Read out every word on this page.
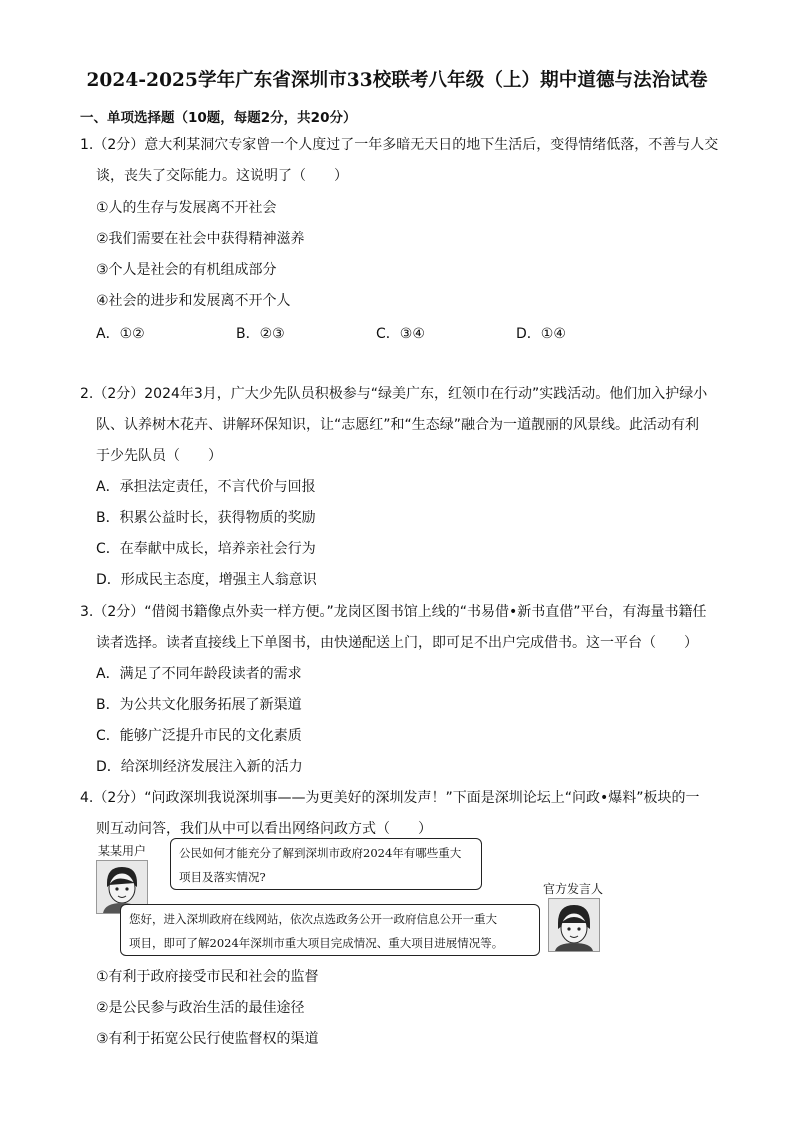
2024-2025学年广东省深圳市33校联考八年级（上）期中道德与法治试卷
一、单项选择题（10题，每题2分，共20分）
1.（2分）意大利某洞穴专家曾一个人度过了一年多暗无天日的地下生活后，变得情绪低落，不善与人交
谈，丧失了交际能力。这说明了（　　）
①人的生存与发展离不开社会
②我们需要在社会中获得精神滋养
③个人是社会的有机组成部分
④社会的进步和发展离不开个人
A．①②	B．②③	C．③④	D．①④
2.（2分）2024年3月，广大少先队员积极参与“绿美广东，红领巾在行动”实践活动。他们加入护绿小
队、认养树木花卉、讲解环保知识，让“志愿红”和“生态绿”融合为一道靓丽的风景线。此活动有利
于少先队员（　　）
A．承担法定责任，不言代价与回报
B．积累公益时长，获得物质的奖励
C．在奉献中成长，培养亲社会行为
D．形成民主态度，增强主人翁意识
3.（2分）“借阅书籍像点外卖一样方便。”龙岗区图书馆上线的“书易借•新书直借”平台，有海量书籍任
读者选择。读者直接线上下单图书，由快递配送上门，即可足不出户完成借书。这一平台（　　）
A．满足了不同年龄段读者的需求
B．为公共文化服务拓展了新渠道
C．能够广泛提升市民的文化素质
D．给深圳经济发展注入新的活力
4.（2分）“问政深圳我说深圳事——为更美好的深圳发声！”下面是深圳论坛上“问政•爆料”板块的一
则互动问答，我们从中可以看出网络问政方式（　　）
某某用户	公民如何才能充分了解到深圳市政府2024年有哪些重大
项目及落实情况?
官方发言人
您好，进入深圳政府在线网站，依次点选政务公开一政府信息公开一重大
项目，即可了解2024年深圳市重大项目完成情况、重大项目进展情况等。
①有利于政府接受市民和社会的监督
②是公民参与政治生活的最佳途径
③有利于拓宽公民行使监督权的渠道
